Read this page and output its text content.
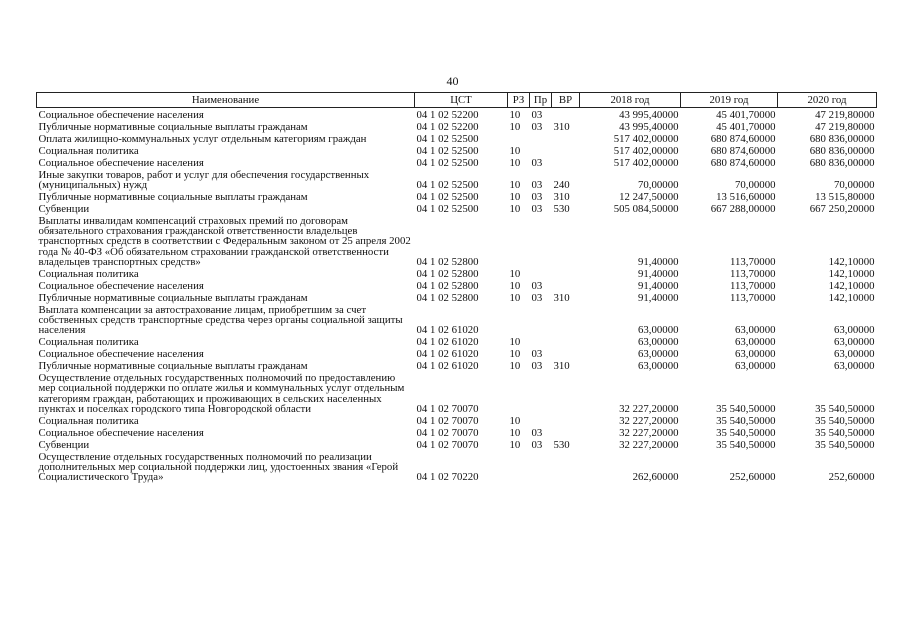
40
Наименование	ЦСТ	РЗ	Пр	ВР	2018 год	2019 год	2020 год
Социальное обеспечение населения	04 1 02 52200	10	03		43 995,40000	45 401,70000	47 219,80000
Публичные нормативные социальные выплаты гражданам	04 1 02 52200	10	03	310	43 995,40000	45 401,70000	47 219,80000
Оплата жилищно-коммунальных услуг отдельным категориям граждан	04 1 02 52500				517 402,00000	680 874,60000	680 836,00000
Социальная политика	04 1 02 52500	10			517 402,00000	680 874,60000	680 836,00000
Социальное обеспечение населения	04 1 02 52500	10	03		517 402,00000	680 874,60000	680 836,00000
Иные закупки товаров, работ и услуг для обеспечения государственных (муниципальных) нужд	04 1 02 52500	10	03	240	70,00000	70,00000	70,00000
Публичные нормативные социальные выплаты гражданам	04 1 02 52500	10	03	310	12 247,50000	13 516,60000	13 515,80000
Субвенции	04 1 02 52500	10	03	530	505 084,50000	667 288,00000	667 250,20000
Выплаты инвалидам компенсаций страховых премий по договорам обязательного страхования гражданской ответственности владельцев транспортных средств в соответствии с Федеральным законом от 25 апреля 2002 года № 40-ФЗ «Об обязательном страховании гражданской ответственности владельцев транспортных средств»	04 1 02 52800				91,40000	113,70000	142,10000
Социальная политика	04 1 02 52800	10			91,40000	113,70000	142,10000
Социальное обеспечение населения	04 1 02 52800	10	03		91,40000	113,70000	142,10000
Публичные нормативные социальные выплаты гражданам	04 1 02 52800	10	03	310	91,40000	113,70000	142,10000
Выплата компенсации за автострахование лицам, приобретшим за счет собственных средств транспортные средства через органы социальной защиты населения	04 1 02 61020				63,00000	63,00000	63,00000
Социальная политика	04 1 02 61020	10			63,00000	63,00000	63,00000
Социальное обеспечение населения	04 1 02 61020	10	03		63,00000	63,00000	63,00000
Публичные нормативные социальные выплаты гражданам	04 1 02 61020	10	03	310	63,00000	63,00000	63,00000
Осуществление отдельных государственных полномочий по предоставлению мер социальной поддержки по оплате жилья и коммунальных услуг отдельным категориям граждан, работающих и проживающих в сельских населенных пунктах и поселках городского типа Новгородской области	04 1 02 70070				32 227,20000	35 540,50000	35 540,50000
Социальная политика	04 1 02 70070	10			32 227,20000	35 540,50000	35 540,50000
Социальное обеспечение населения	04 1 02 70070	10	03		32 227,20000	35 540,50000	35 540,50000
Субвенции	04 1 02 70070	10	03	530	32 227,20000	35 540,50000	35 540,50000
Осуществление отдельных государственных полномочий по реализации дополнительных мер социальной поддержки лиц, удостоенных звания «Герой Социалистического Труда»	04 1 02 70220				262,60000	252,60000	252,60000
